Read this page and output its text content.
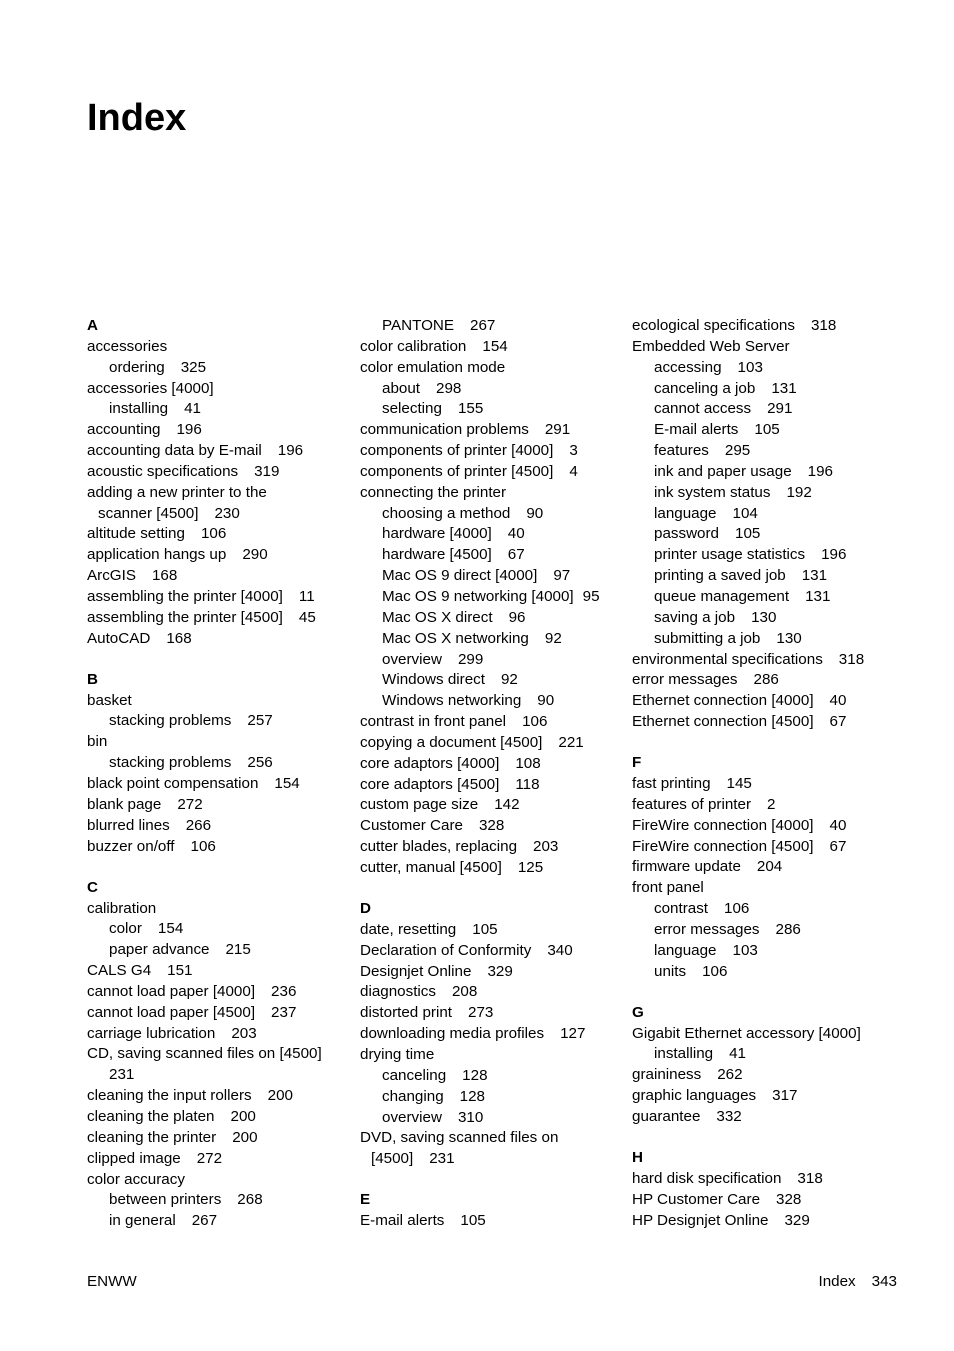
Index
A
accessories
ordering 325
accessories [4000]
installing 41
accounting 196
accounting data by E-mail 196
acoustic specifications 319
adding a new printer to the
scanner [4500] 230
altitude setting 106
application hangs up 290
ArcGIS 168
assembling the printer [4000] 11
assembling the printer [4500] 45
AutoCAD 168
B
basket
stacking problems 257
bin
stacking problems 256
black point compensation 154
blank page 272
blurred lines 266
buzzer on/off 106
C
calibration
color 154
paper advance 215
CALS G4 151
cannot load paper [4000] 236
cannot load paper [4500] 237
carriage lubrication 203
CD, saving scanned files on [4500]
231
cleaning the input rollers 200
cleaning the platen 200
cleaning the printer 200
clipped image 272
color accuracy
between printers 268
in general 267
PANTONE 267
color calibration 154
color emulation mode
about 298
selecting 155
communication problems 291
components of printer [4000] 3
components of printer [4500] 4
connecting the printer
choosing a method 90
hardware [4000] 40
hardware [4500] 67
Mac OS 9 direct [4000] 97
Mac OS 9 networking [4000] 95
Mac OS X direct 96
Mac OS X networking 92
overview 299
Windows direct 92
Windows networking 90
contrast in front panel 106
copying a document [4500] 221
core adaptors [4000] 108
core adaptors [4500] 118
custom page size 142
Customer Care 328
cutter blades, replacing 203
cutter, manual [4500] 125
D
date, resetting 105
Declaration of Conformity 340
Designjet Online 329
diagnostics 208
distorted print 273
downloading media profiles 127
drying time
canceling 128
changing 128
overview 310
DVD, saving scanned files on
[4500] 231
E
E-mail alerts 105
ecological specifications 318
Embedded Web Server
accessing 103
canceling a job 131
cannot access 291
E-mail alerts 105
features 295
ink and paper usage 196
ink system status 192
language 104
password 105
printer usage statistics 196
printing a saved job 131
queue management 131
saving a job 130
submitting a job 130
environmental specifications 318
error messages 286
Ethernet connection [4000] 40
Ethernet connection [4500] 67
F
fast printing 145
features of printer 2
FireWire connection [4000] 40
FireWire connection [4500] 67
firmware update 204
front panel
contrast 106
error messages 286
language 103
units 106
G
Gigabit Ethernet accessory [4000]
installing 41
graininess 262
graphic languages 317
guarantee 332
H
hard disk specification 318
HP Customer Care 328
HP Designjet Online 329
ENWW	Index 343
